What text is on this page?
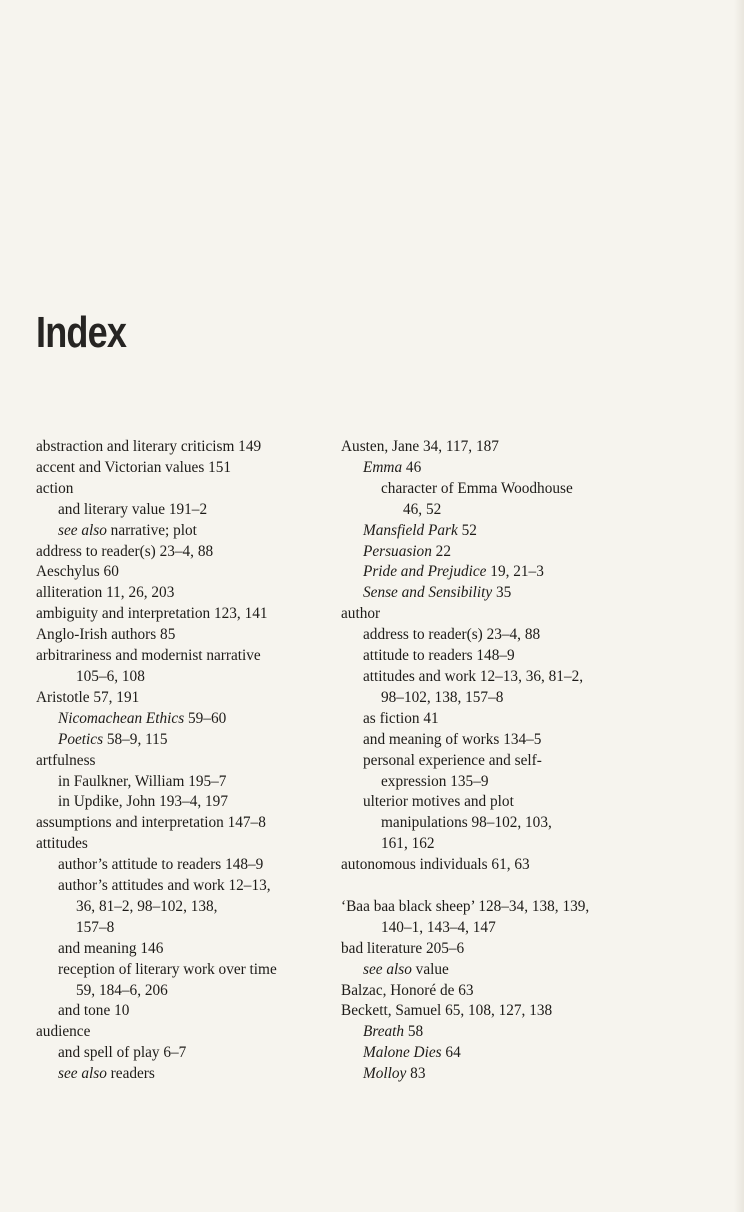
Index
abstraction and literary criticism 149
accent and Victorian values 151
action
and literary value 191–2
see also narrative; plot
address to reader(s) 23–4, 88
Aeschylus 60
alliteration 11, 26, 203
ambiguity and interpretation 123, 141
Anglo-Irish authors 85
arbitrariness and modernist narrative
105–6, 108
Aristotle 57, 191
Nicomachean Ethics 59–60
Poetics 58–9, 115
artfulness
in Faulkner, William 195–7
in Updike, John 193–4, 197
assumptions and interpretation 147–8
attitudes
author’s attitude to readers 148–9
author’s attitudes and work 12–13,
36, 81–2, 98–102, 138,
157–8
and meaning 146
reception of literary work over time
59, 184–6, 206
and tone 10
audience
and spell of play 6–7
see also readers
Austen, Jane 34, 117, 187
Emma 46
character of Emma Woodhouse
46, 52
Mansfield Park 52
Persuasion 22
Pride and Prejudice 19, 21–3
Sense and Sensibility 35
author
address to reader(s) 23–4, 88
attitude to readers 148–9
attitudes and work 12–13, 36, 81–2,
98–102, 138, 157–8
as fiction 41
and meaning of works 134–5
personal experience and self-
expression 135–9
ulterior motives and plot
manipulations 98–102, 103,
161, 162
autonomous individuals 61, 63
‘Baa baa black sheep’ 128–34, 138, 139,
140–1, 143–4, 147
bad literature 205–6
see also value
Balzac, Honoré de 63
Beckett, Samuel 65, 108, 127, 138
Breath 58
Malone Dies 64
Molloy 83
